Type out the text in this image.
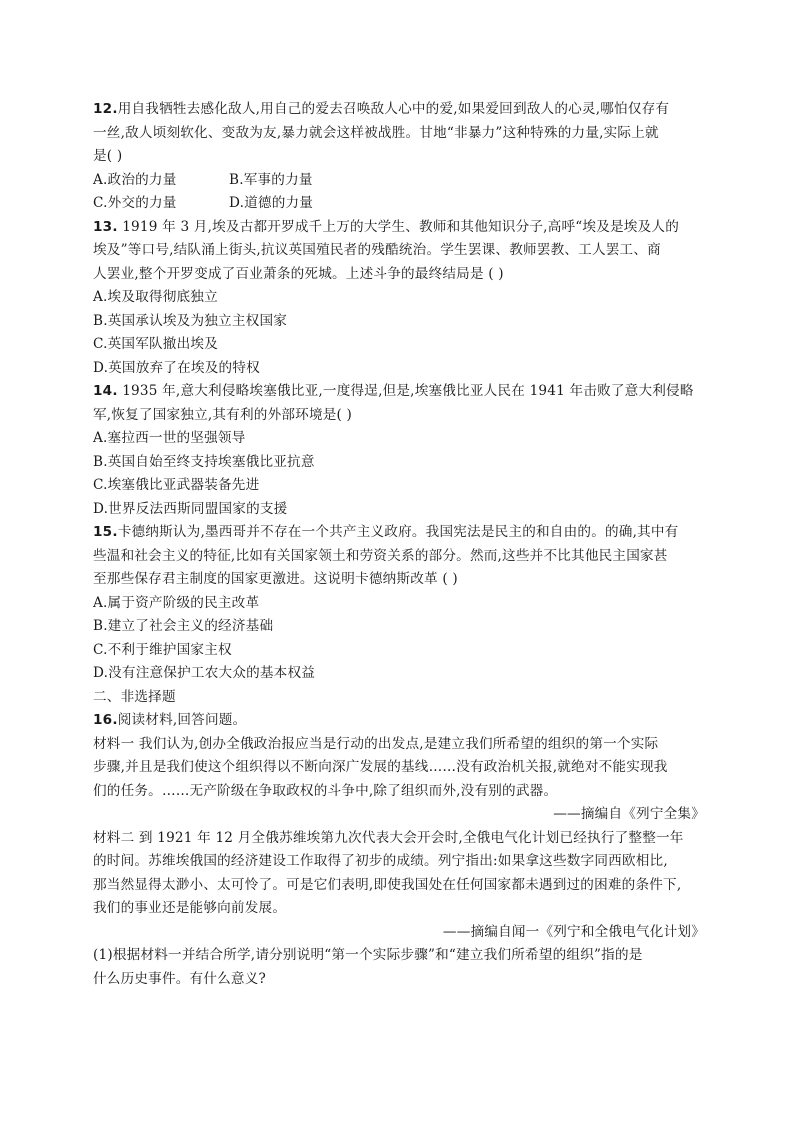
12.用自我牺牲去感化敌人,用自己的爱去召唤敌人心中的爱,如果爱回到敌人的心灵,哪怕仅存有
一丝,敌人顷刻软化、变敌为友,暴力就会这样被战胜。甘地“非暴力”这种特殊的力量,实际上就
是( )
A.政治的力量	B.军事的力量
C.外交的力量	D.道德的力量
13. 1919 年 3 月,埃及古都开罗成千上万的大学生、教师和其他知识分子,高呼“埃及是埃及人的
埃及”等口号,结队涌上街头,抗议英国殖民者的残酷统治。学生罢课、教师罢教、工人罢工、商
人罢业,整个开罗变成了百业萧条的死城。上述斗争的最终结局是 ( )
A.埃及取得彻底独立
B.英国承认埃及为独立主权国家
C.英国军队撤出埃及
D.英国放弃了在埃及的特权
14. 1935 年,意大利侵略埃塞俄比亚,一度得逞,但是,埃塞俄比亚人民在 1941 年击败了意大利侵略
军,恢复了国家独立,其有利的外部环境是( )
A.塞拉西一世的坚强领导
B.英国自始至终支持埃塞俄比亚抗意
C.埃塞俄比亚武器装备先进
D.世界反法西斯同盟国家的支援
15.卡德纳斯认为,墨西哥并不存在一个共产主义政府。我国宪法是民主的和自由的。的确,其中有
些温和社会主义的特征,比如有关国家领土和劳资关系的部分。然而,这些并不比其他民主国家甚
至那些保存君主制度的国家更激进。这说明卡德纳斯改革 ( )
A.属于资产阶级的民主改革
B.建立了社会主义的经济基础
C.不利于维护国家主权
D.没有注意保护工农大众的基本权益
二、非选择题
16.阅读材料,回答问题。
材料一 我们认为,创办全俄政治报应当是行动的出发点,是建立我们所希望的组织的第一个实际
步骤,并且是我们使这个组织得以不断向深广发展的基线……没有政治机关报,就绝对不能实现我
们的任务。……无产阶级在争取政权的斗争中,除了组织而外,没有别的武器。
——摘编自《列宁全集》
材料二 到 1921 年 12 月全俄苏维埃第九次代表大会开会时,全俄电气化计划已经执行了整整一年
的时间。苏维埃俄国的经济建设工作取得了初步的成绩。列宁指出:如果拿这些数字同西欧相比,
那当然显得太渺小、太可怜了。可是它们表明,即使我国处在任何国家都未遇到过的困难的条件下,
我们的事业还是能够向前发展。
——摘编自闻一《列宁和全俄电气化计划》
(1)根据材料一并结合所学,请分别说明“第一个实际步骤”和“建立我们所希望的组织”指的是
什么历史事件。有什么意义?
